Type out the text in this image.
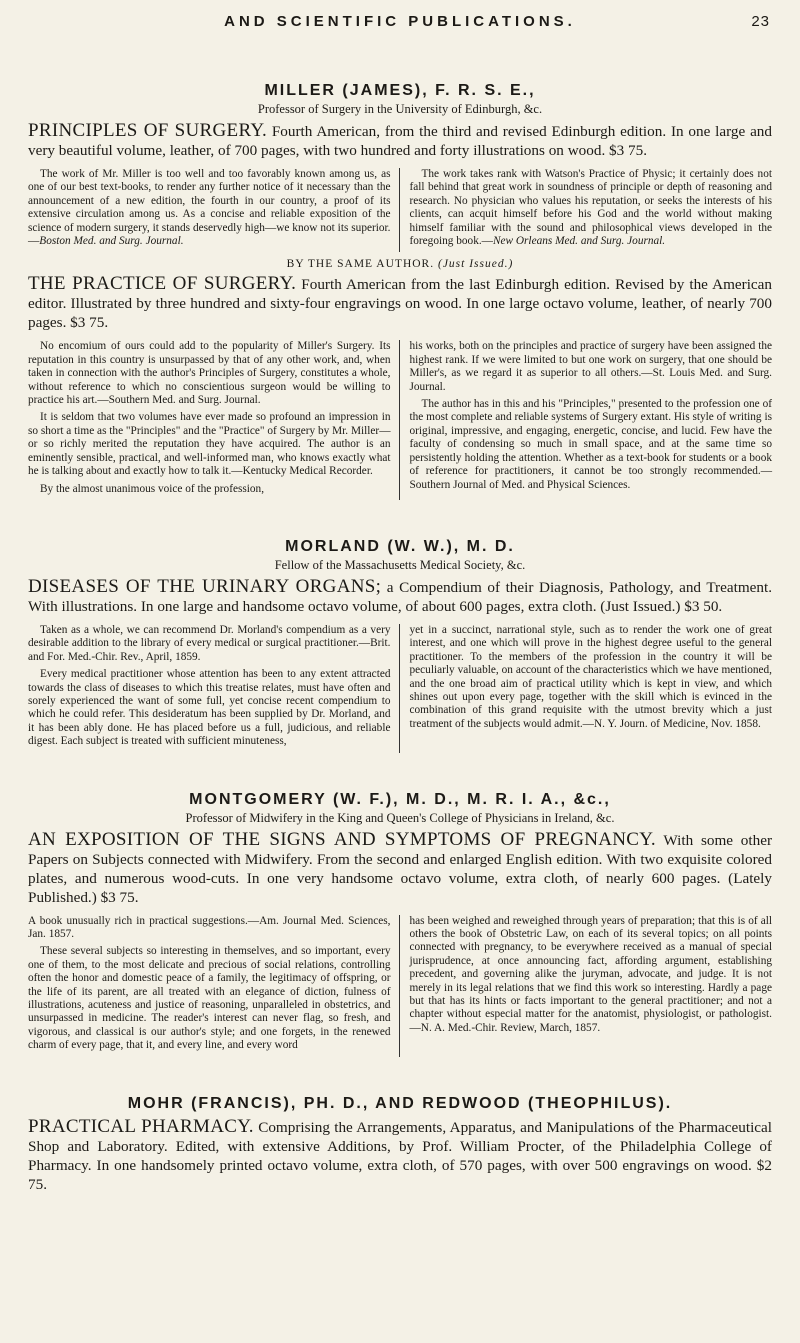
AND SCIENTIFIC PUBLICATIONS.	23
MILLER (JAMES), F. R. S. E.,
Professor of Surgery in the University of Edinburgh, &c.
PRINCIPLES OF SURGERY. Fourth American, from the third and revised Edinburgh edition. In one large and very beautiful volume, leather, of 700 pages, with two hundred and forty illustrations on wood. $3 75.

The work of Mr. Miller is too well and too favorably known among us, as one of our best text-books, to render any further notice of it necessary than the announcement of a new edition, the fourth in our country, a proof of its extensive circulation among us. As a concise and reliable exposition of the science of modern surgery, it stands deservedly high—we know not its superior.—Boston Med. and Surg. Journal.

The work takes rank with Watson's Practice of Physic; it certainly does not fall behind that great work in soundness of principle or depth of reasoning and research. No physician who values his reputation, or seeks the interests of his clients, can acquit himself before his God and the world without making himself familiar with the sound and philosophical views developed in the foregoing book.—New Orleans Med. and Surg. Journal.

BY THE SAME AUTHOR. (Just Issued.)
THE PRACTICE OF SURGERY. Fourth American from the last Edinburgh edition. Revised by the American editor. Illustrated by three hundred and sixty-four engravings on wood. In one large octavo volume, leather, of nearly 700 pages. $3 75.

No encomium of ours could add to the popularity of Miller's Surgery. Its reputation in this country is unsurpassed by that of any other work, and, when taken in connection with the author's Principles of Surgery, constitutes a whole, without reference to which no conscientious surgeon would be willing to practice his art.—Southern Med. and Surg. Journal.

It is seldom that two volumes have ever made so profound an impression in so short a time as the "Principles" and the "Practice" of Surgery by Mr. Miller—or so richly merited the reputation they have acquired. The author is an eminently sensible, practical, and well-informed man, who knows exactly what he is talking about and exactly how to talk it.—Kentucky Medical Recorder.

By the almost unanimous voice of the profession,

his works, both on the principles and practice of surgery have been assigned the highest rank. If we were limited to but one work on surgery, that one should be Miller's, as we regard it as superior to all others.—St. Louis Med. and Surg. Journal.

The author has in this and his "Principles," presented to the profession one of the most complete and reliable systems of Surgery extant. His style of writing is original, impressive, and engaging, energetic, concise, and lucid. Few have the faculty of condensing so much in small space, and at the same time so persistently holding the attention. Whether as a text-book for students or a book of reference for practitioners, it cannot be too strongly recommended.—Southern Journal of Med. and Physical Sciences.

MORLAND (W. W.), M. D.
Fellow of the Massachusetts Medical Society, &c.
DISEASES OF THE URINARY ORGANS; a Compendium of their Diagnosis, Pathology, and Treatment. With illustrations. In one large and handsome octavo volume, of about 600 pages, extra cloth. (Just Issued.) $3 50.

Taken as a whole, we can recommend Dr. Morland's compendium as a very desirable addition to the library of every medical or surgical practitioner.—Brit. and For. Med.-Chir. Rev., April, 1859.

Every medical practitioner whose attention has been to any extent attracted towards the class of diseases to which this treatise relates, must have often and sorely experienced the want of some full, yet concise recent compendium to which he could refer. This desideratum has been supplied by Dr. Morland, and it has been ably done. He has placed before us a full, judicious, and reliable digest. Each subject is treated with sufficient minuteness,

yet in a succinct, narrational style, such as to render the work one of great interest, and one which will prove in the highest degree useful to the general practitioner. To the members of the profession in the country it will be peculiarly valuable, on account of the characteristics which we have mentioned, and the one broad aim of practical utility which is kept in view, and which shines out upon every page, together with the skill which is evinced in the combination of this grand requisite with the utmost brevity which a just treatment of the subjects would admit.—N. Y. Journ. of Medicine, Nov. 1858.

MONTGOMERY (W. F.), M. D., M. R. I. A., &c.,
Professor of Midwifery in the King and Queen's College of Physicians in Ireland, &c.
AN EXPOSITION OF THE SIGNS AND SYMPTOMS OF PREGNANCY. With some other Papers on Subjects connected with Midwifery. From the second and enlarged English edition. With two exquisite colored plates, and numerous wood-cuts. In one very handsome octavo volume, extra cloth, of nearly 600 pages. (Lately Published.) $3 75.

A book unusually rich in practical suggestions.—Am. Journal Med. Sciences, Jan. 1857.

These several subjects so interesting in themselves, and so important, every one of them, to the most delicate and precious of social relations, controlling often the honor and domestic peace of a family, the legitimacy of offspring, or the life of its parent, are all treated with an elegance of diction, fulness of illustrations, acuteness and justice of reasoning, unparalleled in obstetrics, and unsurpassed in medicine. The reader's interest can never flag, so fresh, and vigorous, and classical is our author's style; and one forgets, in the renewed charm of every page, that it, and every line, and every word

has been weighed and reweighed through years of preparation; that this is of all others the book of Obstetric Law, on each of its several topics; on all points connected with pregnancy, to be everywhere received as a manual of special jurisprudence, at once announcing fact, affording argument, establishing precedent, and governing alike the juryman, advocate, and judge. It is not merely in its legal relations that we find this work so interesting. Hardly a page but that has its hints or facts important to the general practitioner; and not a chapter without especial matter for the anatomist, physiologist, or pathologist.—N. A. Med.-Chir. Review, March, 1857.

MOHR (FRANCIS), PH. D., AND REDWOOD (THEOPHILUS).
PRACTICAL PHARMACY. Comprising the Arrangements, Apparatus, and Manipulations of the Pharmaceutical Shop and Laboratory. Edited, with extensive Additions, by Prof. William Procter, of the Philadelphia College of Pharmacy. In one handsomely printed octavo volume, extra cloth, of 570 pages, with over 500 engravings on wood. $2 75.
